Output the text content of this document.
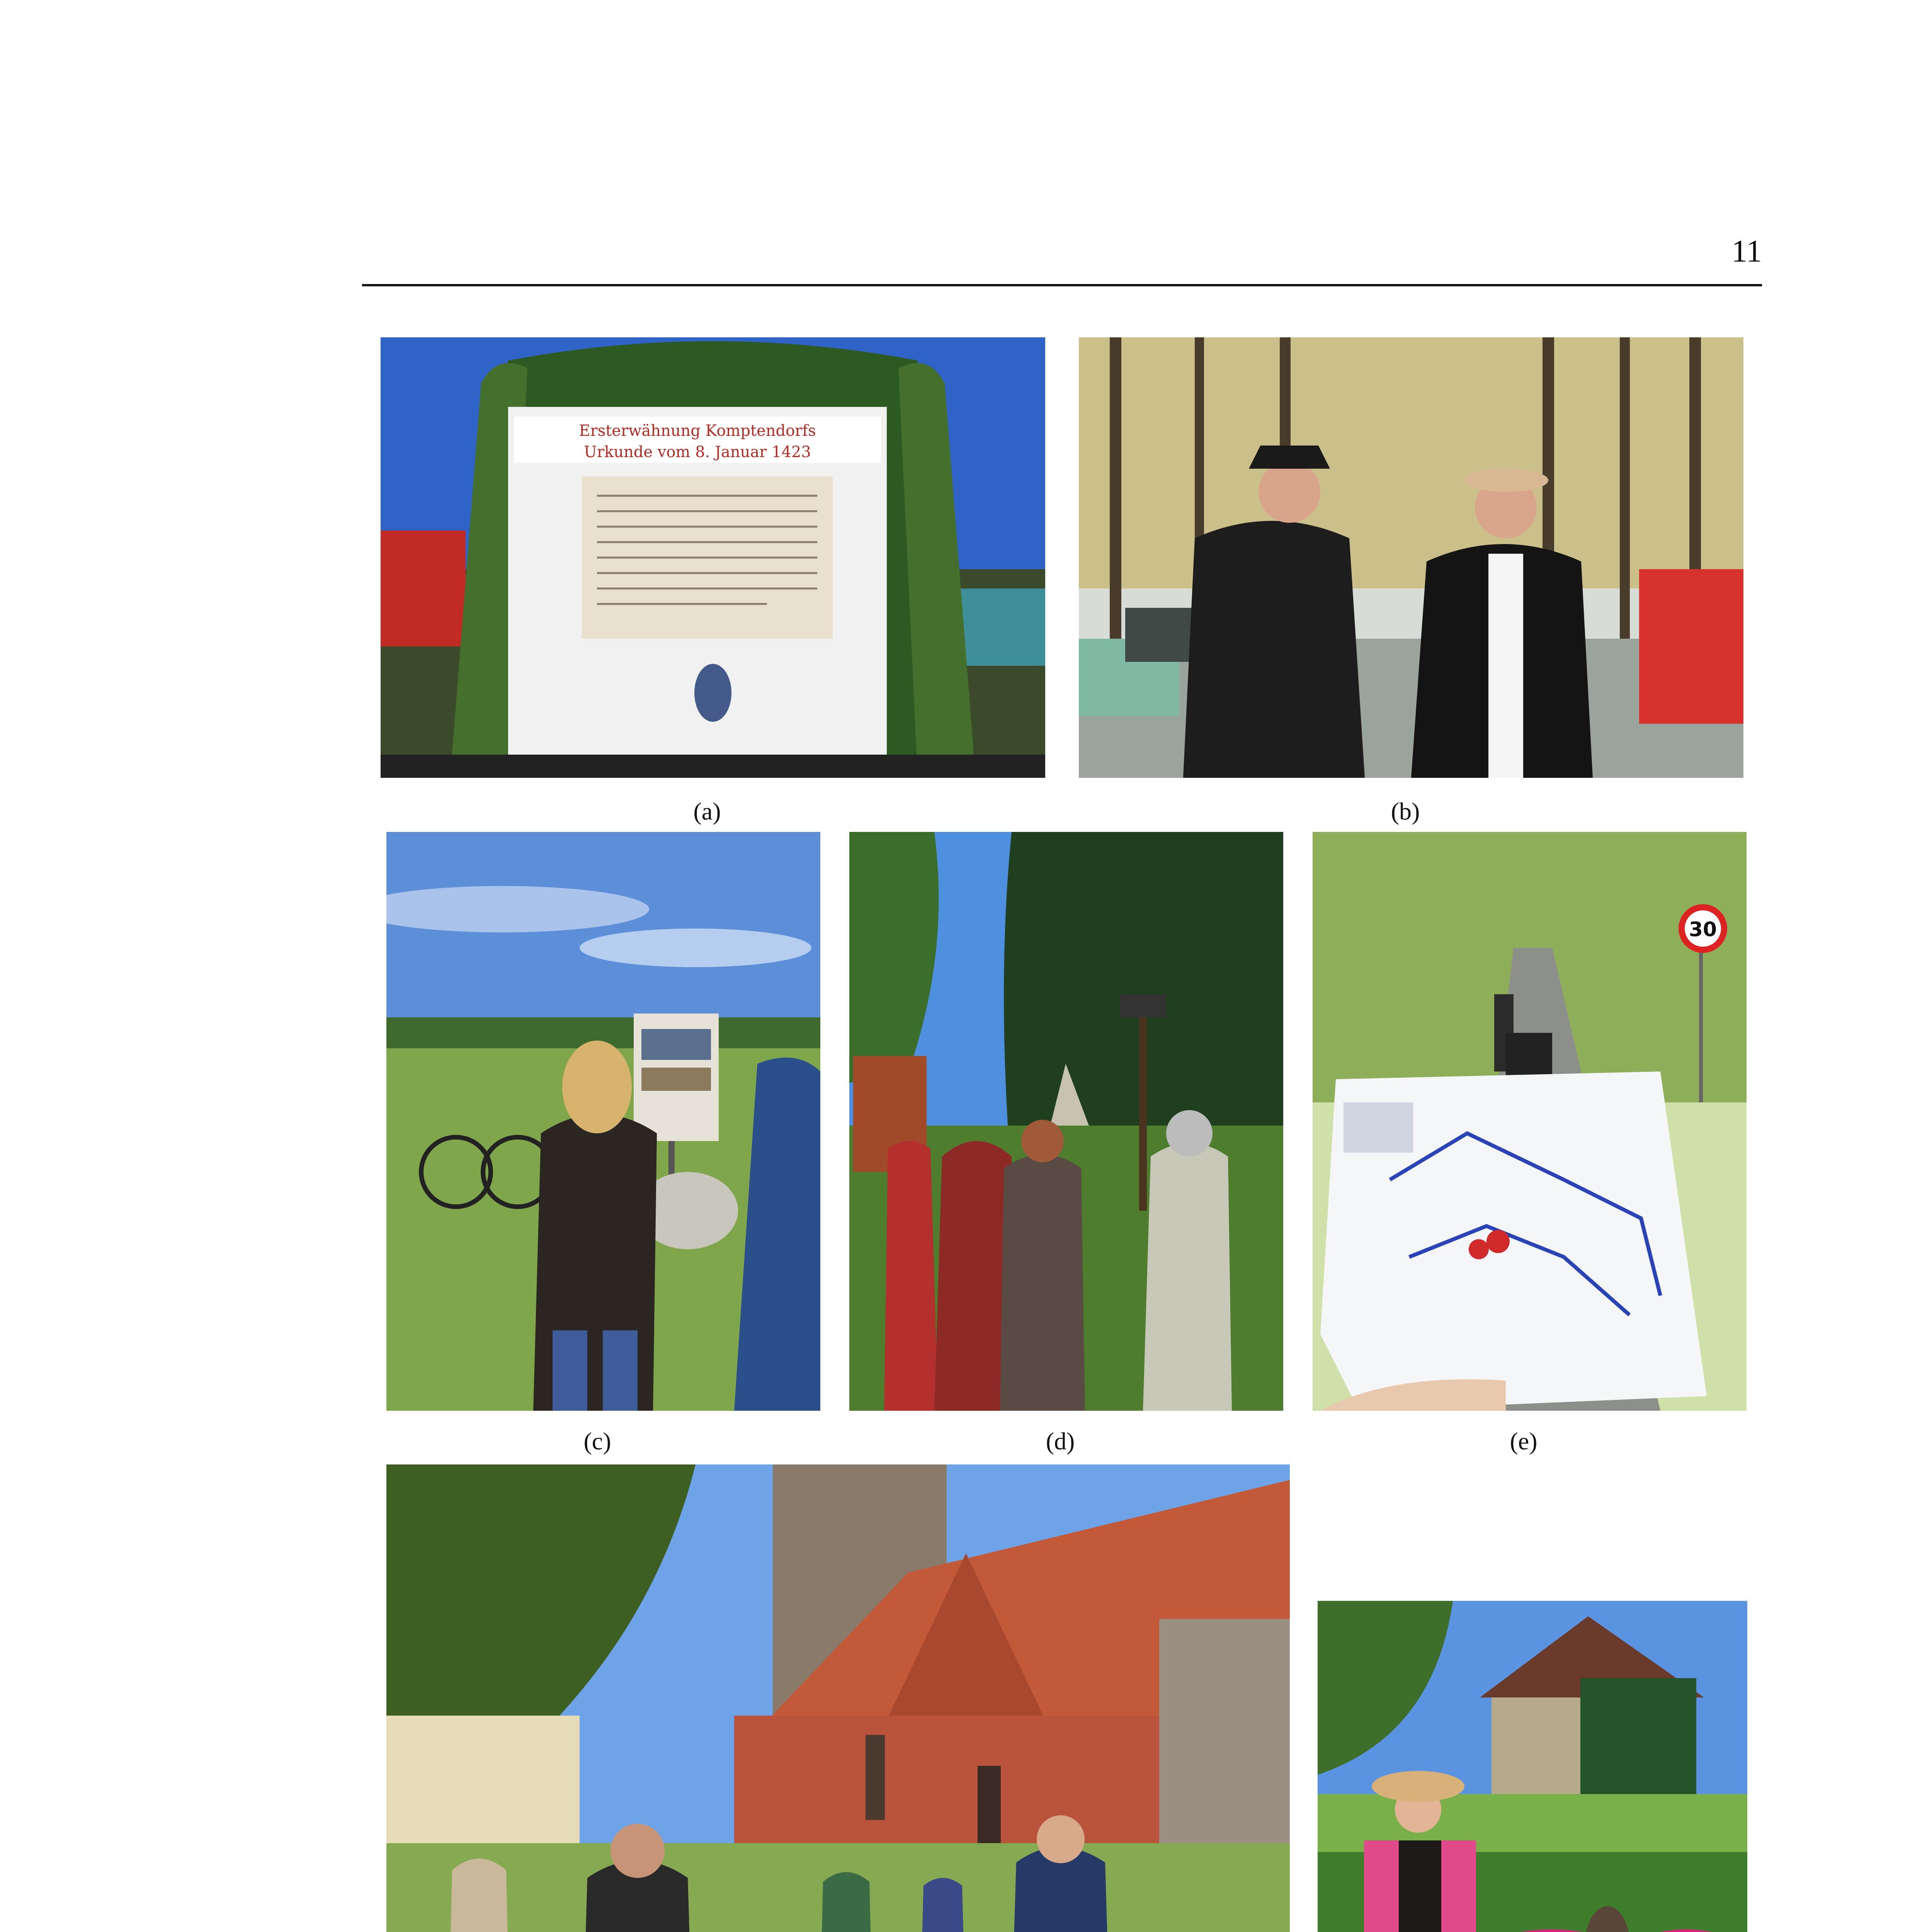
11
Ersterwähnung Komptendorfs
Urkunde vom 8. Januar 1423
(a)	(b)
(c)	(d)
30
(e)
